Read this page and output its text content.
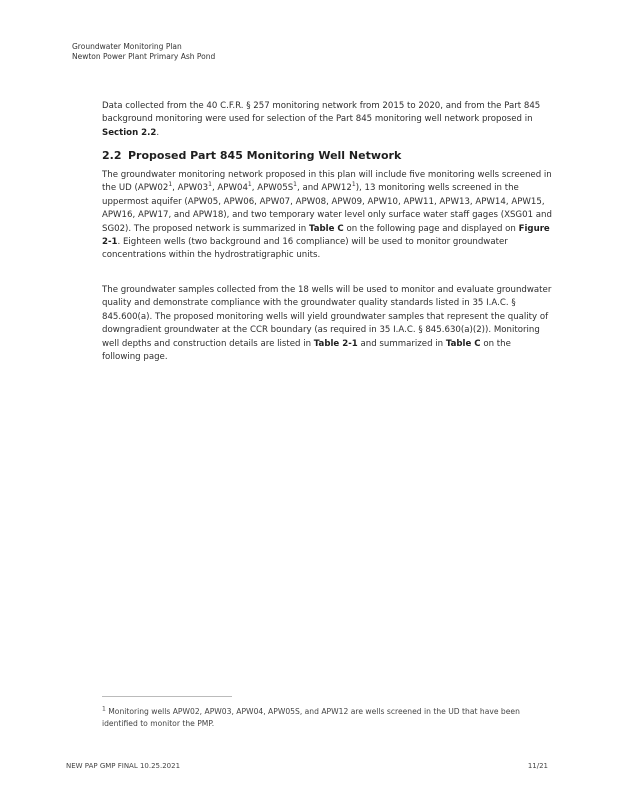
Groundwater Monitoring Plan
Newton Power Plant Primary Ash Pond
Data collected from the 40 C.F.R. § 257 monitoring network from 2015 to 2020, and from the Part 845 background monitoring were used for selection of the Part 845 monitoring well network proposed in Section 2.2.
2.2 Proposed Part 845 Monitoring Well Network
The groundwater monitoring network proposed in this plan will include five monitoring wells screened in the UD ($APW02^1$, $APW03^1$, $APW04^1$, $APW05S^1$, and $APW12^1$), 13 monitoring wells screened in the uppermost aquifer (APW05, APW06, APW07, APW08, APW09, APW10, APW11, APW13, APW14, APW15, APW16, APW17, and APW18), and two temporary water level only surface water staff gages (XSG01 and SG02). The proposed network is summarized in Table C on the following page and displayed on Figure 2-1. Eighteen wells (two background and 16 compliance) will be used to monitor groundwater concentrations within the hydrostratigraphic units.
The groundwater samples collected from the 18 wells will be used to monitor and evaluate groundwater quality and demonstrate compliance with the groundwater quality standards listed in 35 I.A.C. § 845.600(a). The proposed monitoring wells will yield groundwater samples that represent the quality of downgradient groundwater at the CCR boundary (as required in 35 I.A.C. § 845.630(a)(2)). Monitoring well depths and construction details are listed in Table 2-1 and summarized in Table C on the following page.
$^1$ Monitoring wells APW02, APW03, APW04, APW05S, and APW12 are wells screened in the UD that have been identified to monitor the PMP.
NEW PAP GMP FINAL 10.25.2021	11/21
